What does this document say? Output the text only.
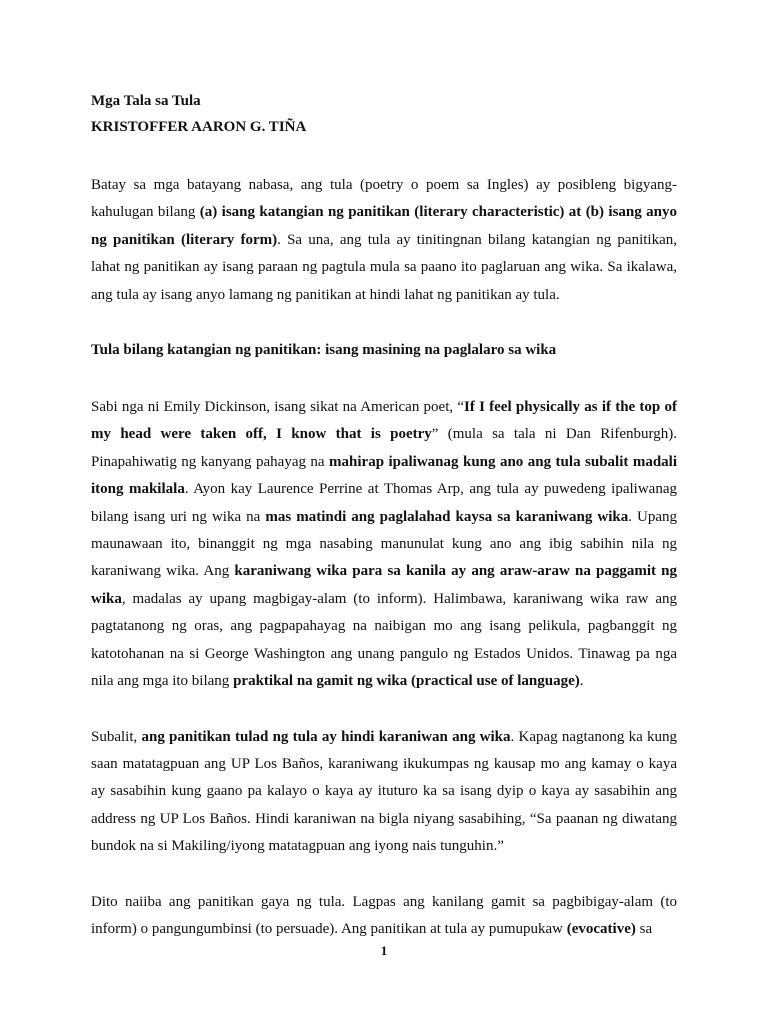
Mga Tala sa Tula
KRISTOFFER AARON G. TIÑA

Batay sa mga batayang nabasa, ang tula (poetry o poem sa Ingles) ay posibleng bigyang-kahulugan bilang (a) isang katangian ng panitikan (literary characteristic) at (b) isang anyo ng panitikan (literary form). Sa una, ang tula ay tinitingnan bilang katangian ng panitikan, lahat ng panitikan ay isang paraan ng pagtula mula sa paano ito paglaruan ang wika. Sa ikalawa, ang tula ay isang anyo lamang ng panitikan at hindi lahat ng panitikan ay tula.

Tula bilang katangian ng panitikan: isang masining na paglalaro sa wika

Sabi nga ni Emily Dickinson, isang sikat na American poet, “If I feel physically as if the top of my head were taken off, I know that is poetry” (mula sa tala ni Dan Rifenburgh). Pinapahiwatig ng kanyang pahayag na mahirap ipaliwanag kung ano ang tula subalit madali itong makilala. Ayon kay Laurence Perrine at Thomas Arp, ang tula ay puwedeng ipaliwanag bilang isang uri ng wika na mas matindi ang paglalahad kaysa sa karaniwang wika. Upang maunawaan ito, binanggit ng mga nasabing manunulat kung ano ang ibig sabihin nila ng karaniwang wika. Ang karaniwang wika para sa kanila ay ang araw-araw na paggamit ng wika, madalas ay upang magbigay-alam (to inform). Halimbawa, karaniwang wika raw ang pagtatanong ng oras, ang pagpapahayag na naibigan mo ang isang pelikula, pagbanggit ng katotohanan na si George Washington ang unang pangulo ng Estados Unidos. Tinawag pa nga nila ang mga ito bilang praktikal na gamit ng wika (practical use of language).

Subalit, ang panitikan tulad ng tula ay hindi karaniwan ang wika. Kapag nagtanong ka kung saan matatagpuan ang UP Los Baños, karaniwang ikukumpas ng kausap mo ang kamay o kaya ay sasabihin kung gaano pa kalayo o kaya ay ituturo ka sa isang dyip o kaya ay sasabihin ang address ng UP Los Baños. Hindi karaniwan na bigla niyang sasabihing, “Sa paanan ng diwatang bundok na si Makiling/iyong matatagpuan ang iyong nais tunguhin.”

Dito naiiba ang panitikan gaya ng tula. Lagpas ang kanilang gamit sa pagbibigay-alam (to inform) o pangungumbinsi (to persuade). Ang panitikan at tula ay pumupukaw (evocative) sa

1
